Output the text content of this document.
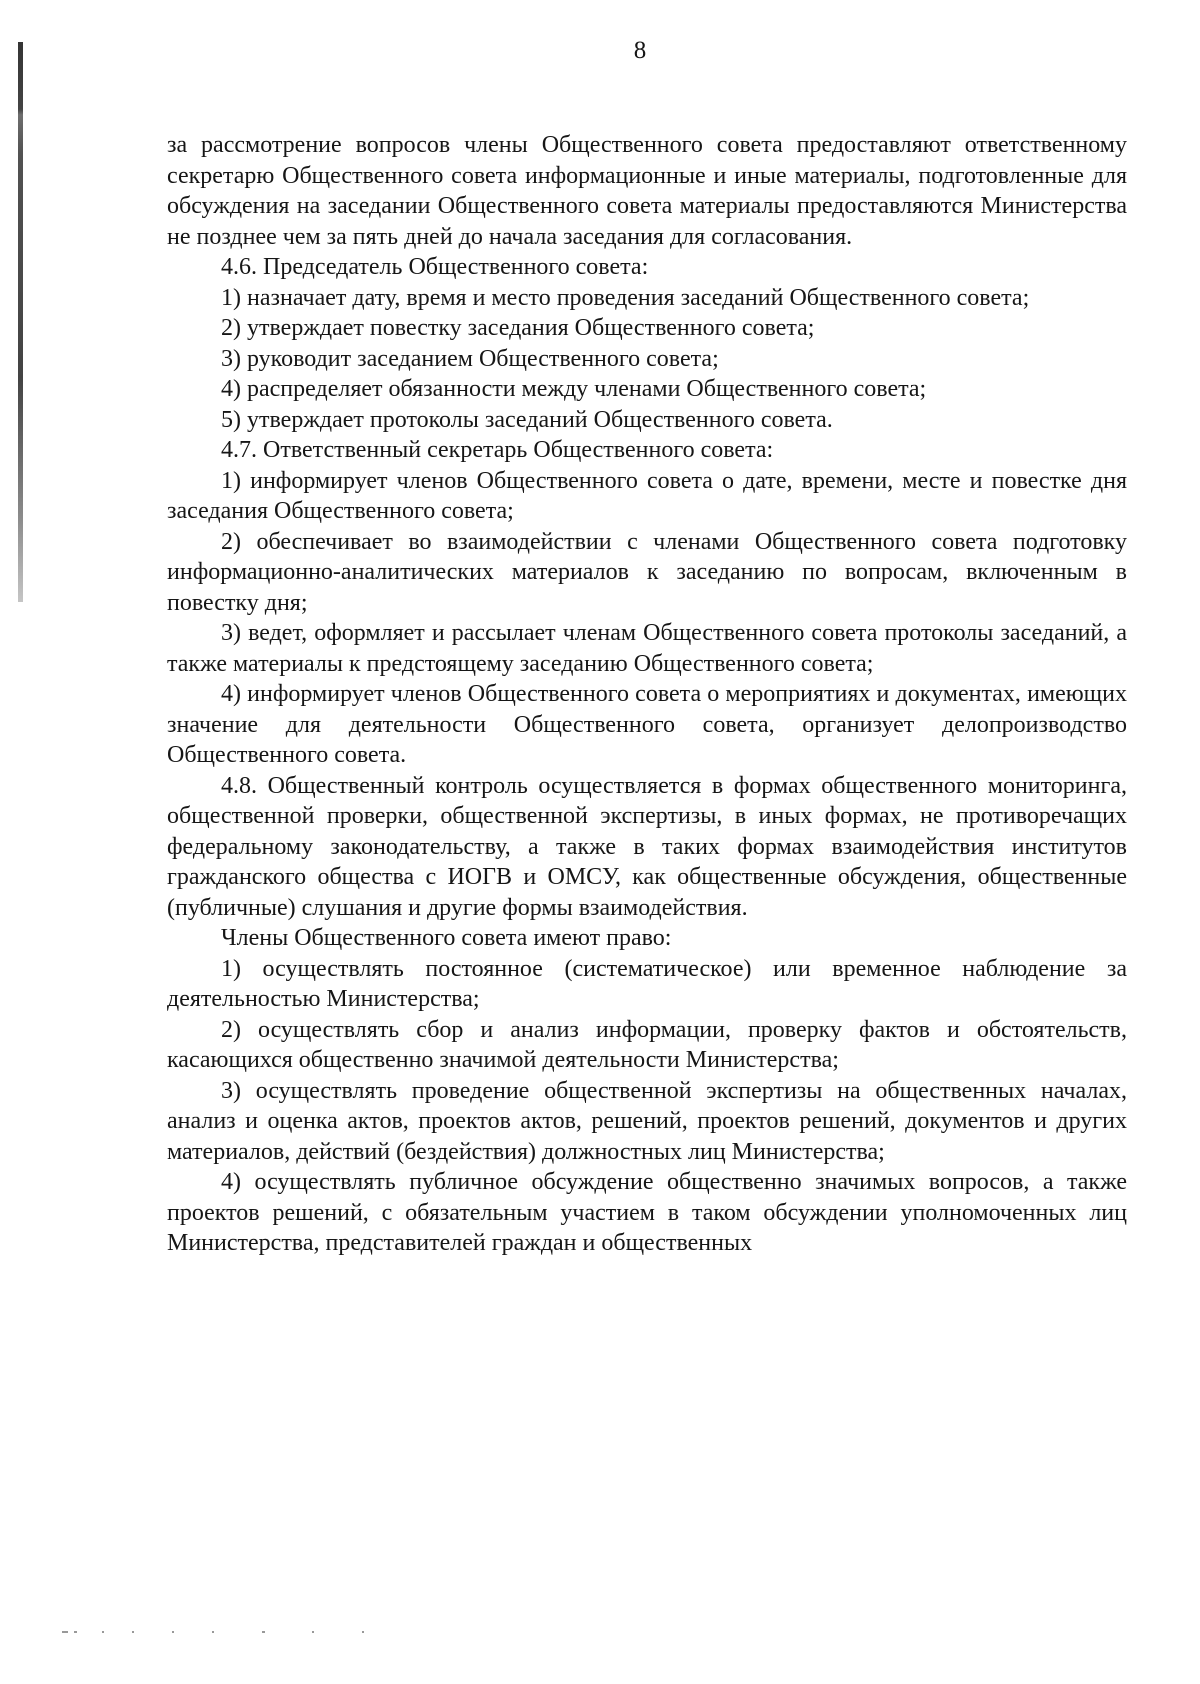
8

за рассмотрение вопросов члены Общественного совета предоставляют ответственному секретарю Общественного совета информационные и иные материалы, подготовленные для обсуждения на заседании Общественного совета материалы предоставляются Министерства не позднее чем за пять дней до начала заседания для согласования.

4.6. Председатель Общественного совета:

1) назначает дату, время и место проведения заседаний Общественного совета;

2) утверждает повестку заседания Общественного совета;

3) руководит заседанием Общественного совета;

4) распределяет обязанности между членами Общественного совета;

5) утверждает протоколы заседаний Общественного совета.

4.7. Ответственный секретарь Общественного совета:

1) информирует членов Общественного совета о дате, времени, месте и повестке дня заседания Общественного совета;

2) обеспечивает во взаимодействии с членами Общественного совета подготовку информационно-аналитических материалов к заседанию по вопросам, включенным в повестку дня;

3) ведет, оформляет и рассылает членам Общественного совета протоколы заседаний, а также материалы к предстоящему заседанию Общественного совета;

4) информирует членов Общественного совета о мероприятиях и документах, имеющих значение для деятельности Общественного совета, организует делопроизводство Общественного совета.

4.8. Общественный контроль осуществляется в формах общественного мониторинга, общественной проверки, общественной экспертизы, в иных формах, не противоречащих федеральному законодательству, а также в таких формах взаимодействия институтов гражданского общества с ИОГВ и ОМСУ, как общественные обсуждения, общественные (публичные) слушания и другие формы взаимодействия.

Члены Общественного совета имеют право:

1) осуществлять постоянное (систематическое) или временное наблюдение за деятельностью Министерства;

2) осуществлять сбор и анализ информации, проверку фактов и обстоятельств, касающихся общественно значимой деятельности Министерства;

3) осуществлять проведение общественной экспертизы на общественных началах, анализ и оценка актов, проектов актов, решений, проектов решений, документов и других материалов, действий (бездействия) должностных лиц Министерства;

4) осуществлять публичное обсуждение общественно значимых вопросов, а также проектов решений, с обязательным участием в таком обсуждении уполномоченных лиц Министерства, представителей граждан и общественных
